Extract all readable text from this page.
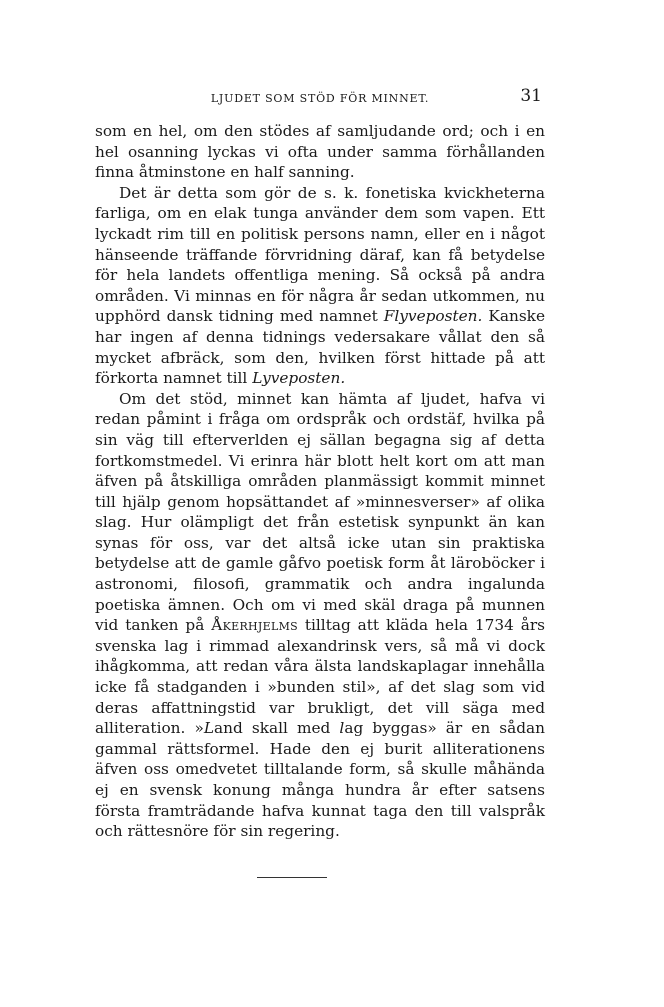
LJUDET SOM STÖD FÖR MINNET.	31

som en hel, om den stödes af samljudande ord; och i en hel osanning lyckas vi ofta under samma förhållanden finna åtminstone en half sanning.

Det är detta som gör de s. k. fonetiska kvickheterna farliga, om en elak tunga använder dem som vapen. Ett lyckadt rim till en politisk persons namn, eller en i något hänseende träffande förvridning däraf, kan få betydelse för hela landets offentliga mening. Så också på andra områden. Vi minnas en för några år sedan utkommen, nu upphörd dansk tidning med namnet Flyveposten. Kanske har ingen af denna tidnings vedersakare vållat den så mycket afbräck, som den, hvilken först hittade på att förkorta namnet till Lyveposten.

Om det stöd, minnet kan hämta af ljudet, hafva vi redan påmint i fråga om ordspråk och ordstäf, hvilka på sin väg till efterverlden ej sällan begagna sig af detta fortkomstmedel. Vi erinra här blott helt kort om att man äfven på åtskilliga områden planmässigt kommit minnet till hjälp genom hopsättandet af »minnesverser» af olika slag. Hur olämpligt det från estetisk synpunkt än kan synas för oss, var det altså icke utan sin praktiska betydelse att de gamle gåfvo poetisk form åt läroböcker i astronomi, filosofi, grammatik och andra ingalunda poetiska ämnen. Och om vi med skäl draga på munnen vid tanken på Åkerhjelms tilltag att kläda hela 1734 års svenska lag i rimmad alexandrinsk vers, så må vi dock ihågkomma, att redan våra älsta landskaplagar innehålla icke få stadganden i »bunden stil», af det slag som vid deras affattningstid var brukligt, det vill säga med alliteration. »Land skall med lag byggas» är en sådan gammal rättsformel. Hade den ej burit alliterationens äfven oss omedvetet tilltalande form, så skulle måhända ej en svensk konung många hundra år efter satsens första framträdande hafva kunnat taga den till valspråk och rättesnöre för sin regering.
